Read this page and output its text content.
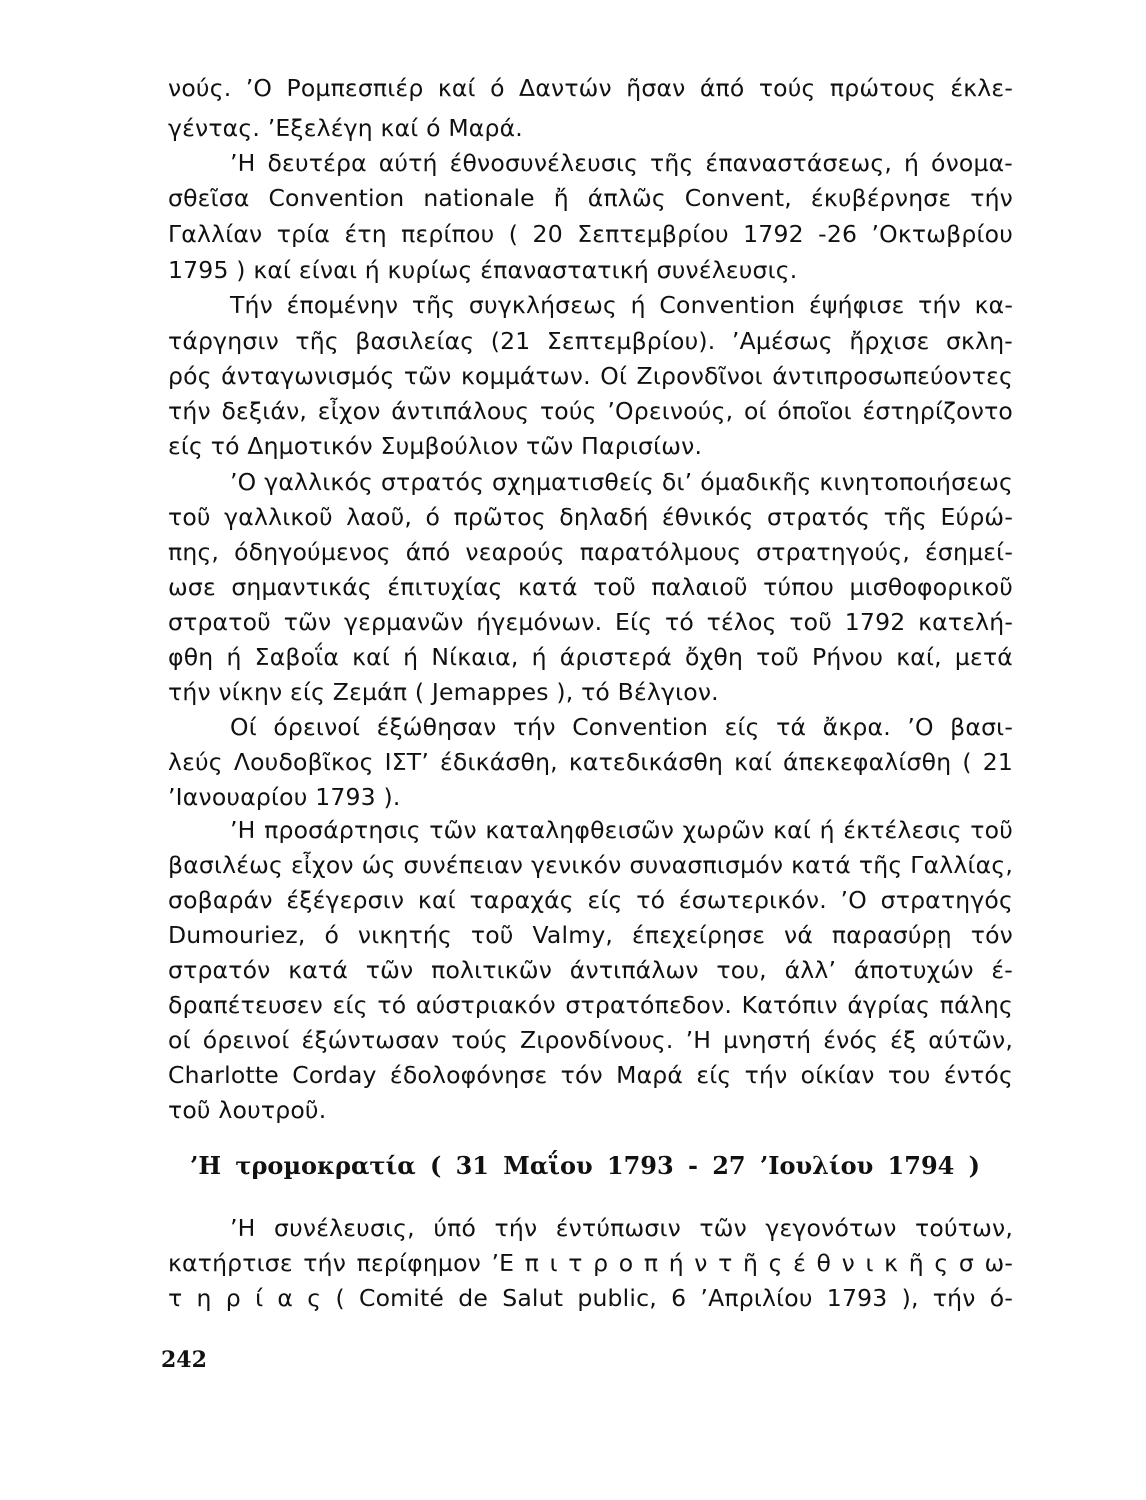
νούς. ’Ο Ροµπεσπιέρ καί ό Δαντών ῆσαν άπό τούς πρώτους έκλε-
γέντας. ’Εξελέγη καί ό Μαρά.
’Η δευτέρα αύτή έθνοσυνέλευσις τῆς έπαναστάσεως, ή όνοµα-
σθεῖσα Convention nationale ἤ άπλῶς Convent, έκυβέρνησε τήν
Γαλλίαν τρία έτη περίπου ( 20 Σεπτεµβρίου 1792 -26 ’Οκτωβρίου
1795 ) καί είναι ή κυρίως έπαναστατική συνέλευσις.
Τήν έποµένην τῆς συγκλήσεως ή Convention έψήφισε τήν κα-
τάργησιν τῆς βασιλείας (21 Σεπτεµβρίου). ’Αµέσως ἤρχισε σκλη-
ρός άνταγωνισµός τῶν κοµµάτων. Οί Ζιρονδῖνοι άντιπροσωπεύοντες
τήν δεξιάν, εἶχον άντιπάλους τούς ’Ορεινούς, οί όποῖοι έστηρίζοντο
είς τό Δηµοτικόν Συµβούλιον τῶν Παρισίων.
’Ο γαλλικός στρατός σχηµατισθείς δι’ όµαδικῆς κινητοποιήσεως
τοῦ γαλλικοῦ λαοῦ, ό πρῶτος δηλαδή έθνικός στρατός τῆς Εύρώ-
πης, όδηγούµενος άπό νεαρούς παρατόλµους στρατηγούς, έσηµεί-
ωσε σηµαντικάς έπιτυχίας κατά τοῦ παλαιοῦ τύπου µισθοφορικοῦ
στρατοῦ τῶν γερµανῶν ήγεµόνων. Είς τό τέλος τοῦ 1792 κατελή-
φθη ή Σαβοΐα καί ή Νίκαια, ή άριστερά ὄχθη τοῦ Ρήνου καί, µετά
τήν νίκην είς Ζεµάπ ( Jemappes ), τό Βέλγιον.
Οί όρεινοί έξώθησαν τήν Convention είς τά ἄκρα. ’Ο βασι-
λεύς Λουδοβῖκος ΙΣΤ’ έδικάσθη, κατεδικάσθη καί άπεκεφαλίσθη ( 21
’Ιανουαρίου 1793 ).
’Η προσάρτησις τῶν καταληφθεισῶν χωρῶν καί ή έκτέλεσις τοῦ
βασιλέως εἶχον ώς συνέπειαν γενικόν συνασπισµόν κατά τῆς Γαλλίας,
σοβαράν έξέγερσιν καί ταραχάς είς τό έσωτερικόν. ’Ο στρατηγός
Dumouriez, ό νικητής τοῦ Valmy, έπεχείρησε νά παρασύρῃ τόν
στρατόν κατά τῶν πολιτικῶν άντιπάλων του, άλλ’ άποτυχών έ-
δραπέτευσεν είς τό αύστριακόν στρατόπεδον. Κατόπιν άγρίας πάλης
οί όρεινοί έξώντωσαν τούς Ζιρονδίνους. ’Η µνηστή ένός έξ αύτῶν,
Charlotte Corday έδολοφόνησε τόν Μαρά είς τήν οίκίαν του έντός
τοῦ λουτροῦ.
’Η τροµοκρατία ( 31 Μαΐου 1793 - 27 ’Ιουλίου 1794 )
’Η συνέλευσις, ύπό τήν έντύπωσιν τῶν γεγονότων τούτων,
κατήρτισε τήν περίφηµον ’Ε π ι τ ρ ο π ή ν τ ῆ ς έ θ ν ι κ ῆ ς σ ω-
τ η ρ ί α ς ( Comité de Salut public, 6 ’Απριλίου 1793 ), τήν ό-
242
